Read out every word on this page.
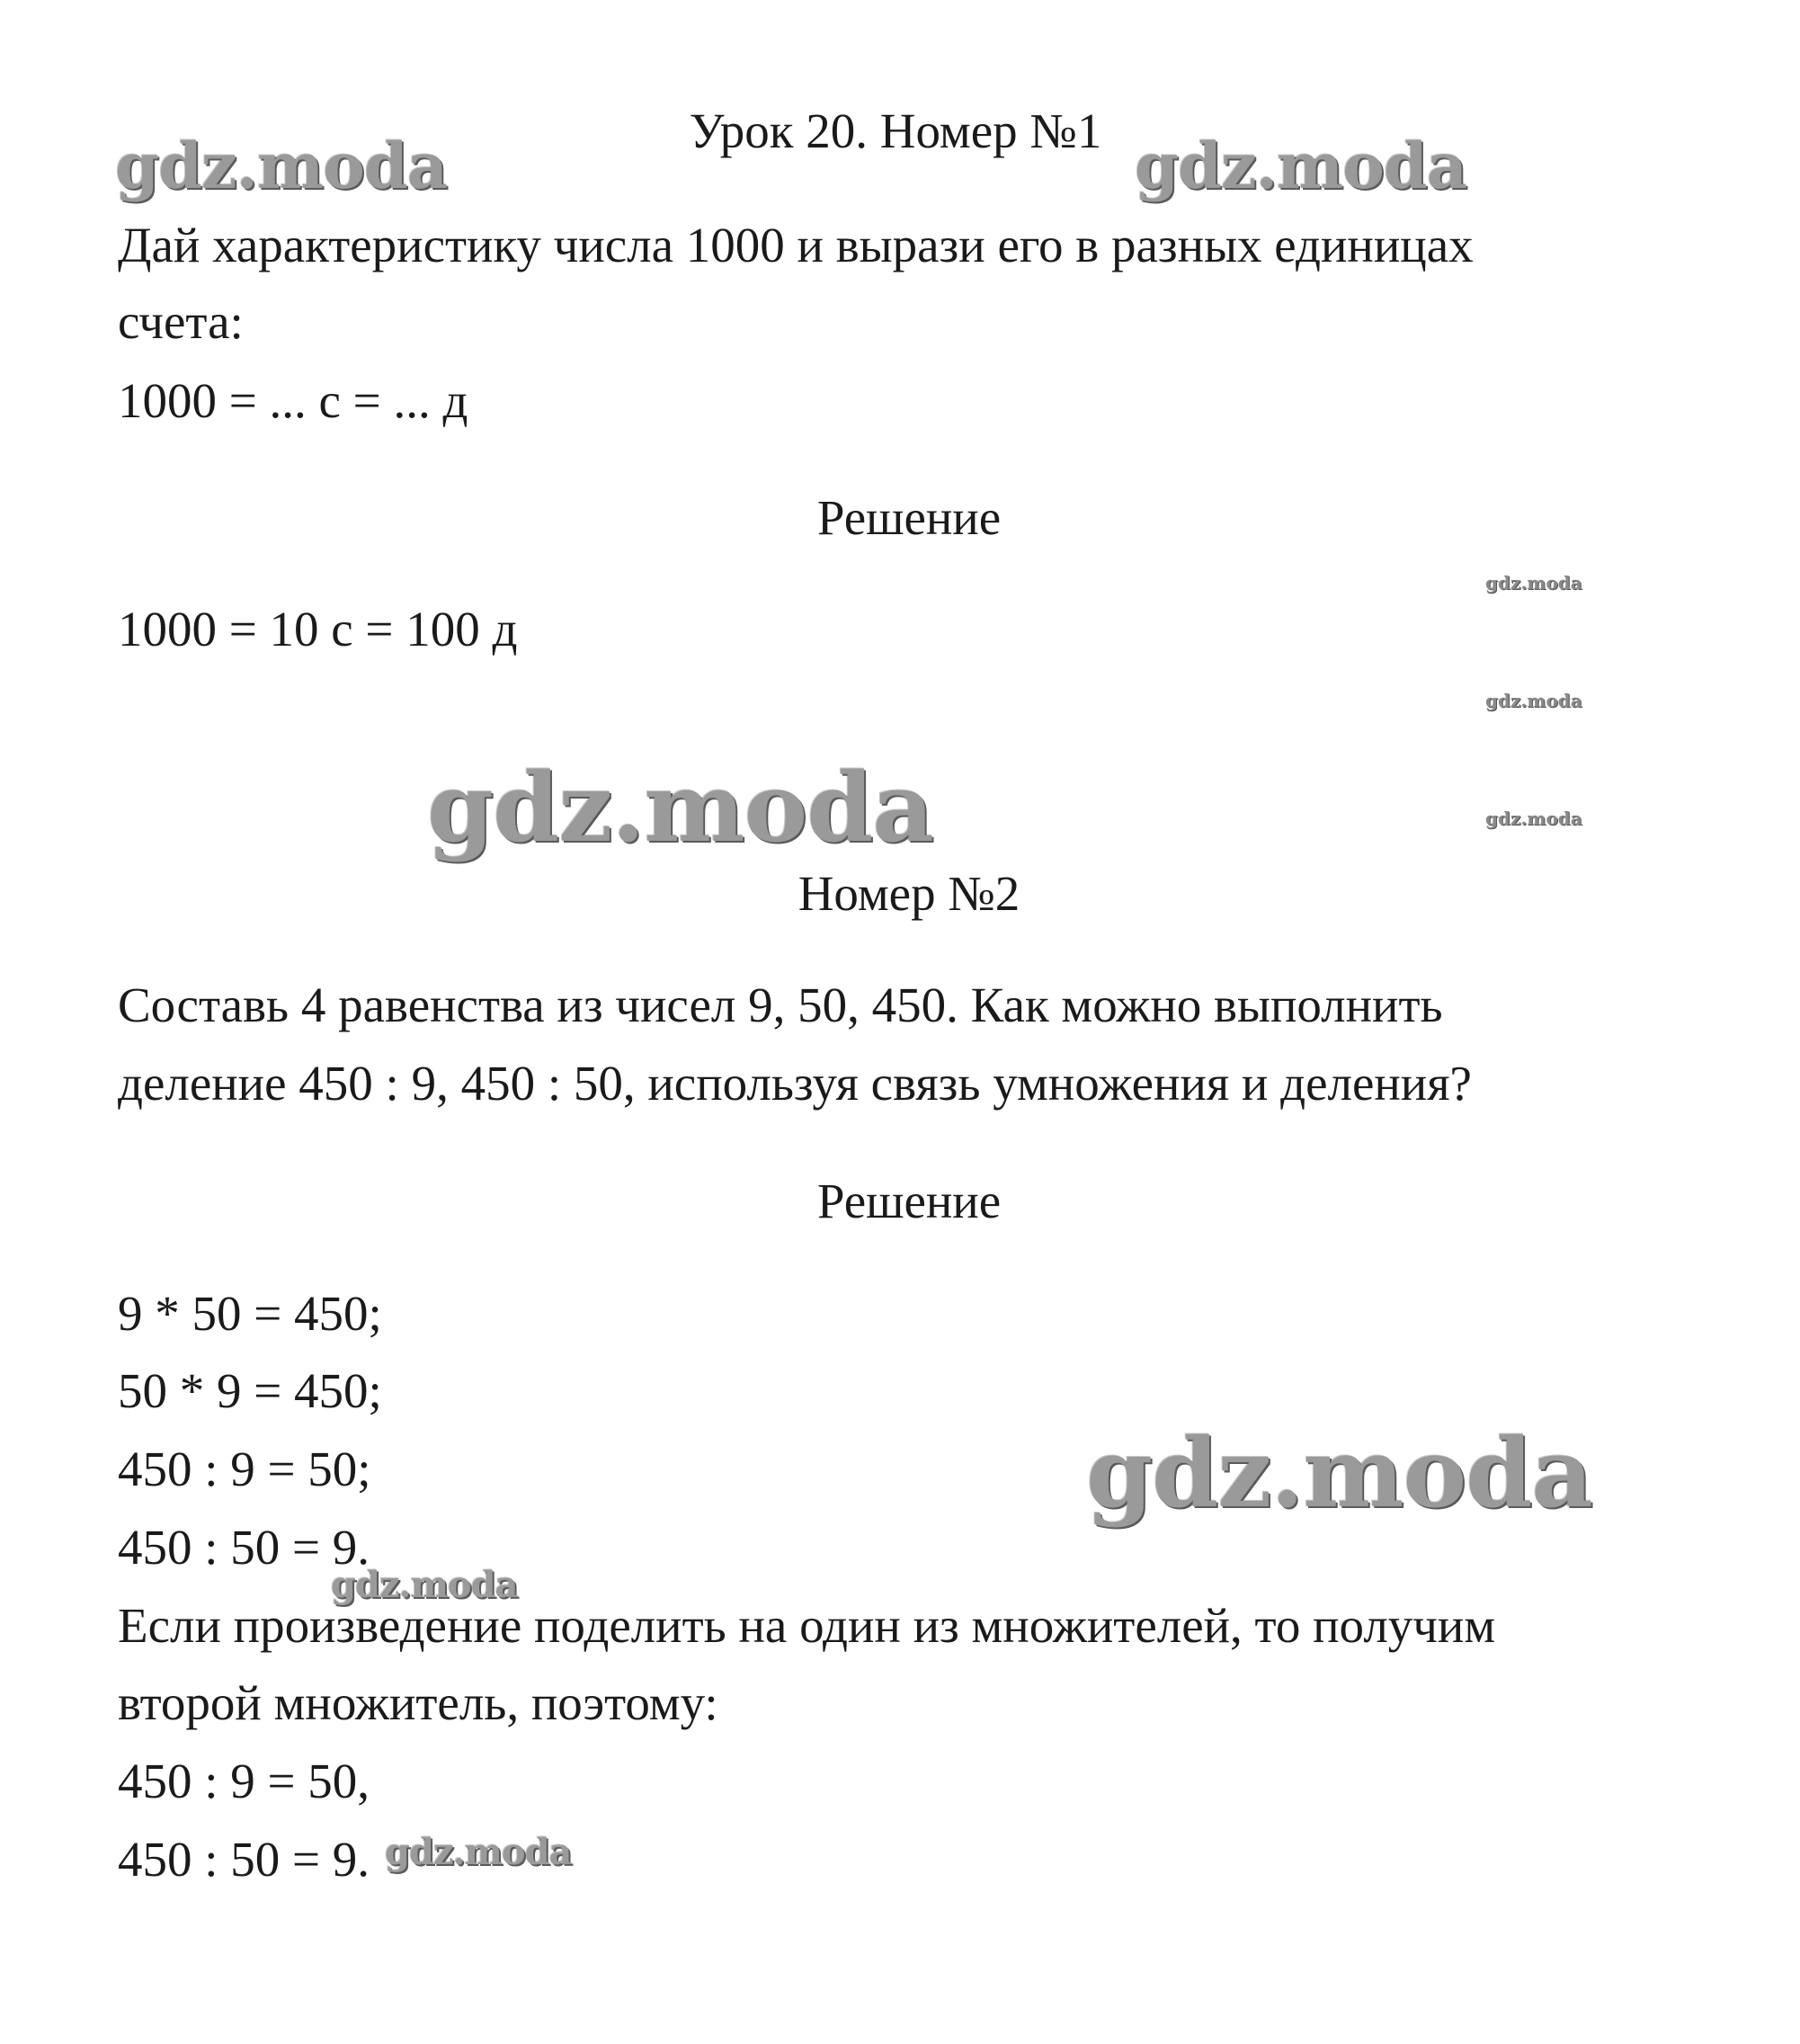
gdz.moda	gdz.moda
gdz.moda
gdz.moda
gdz.moda
gdz.moda
gdz.moda
gdz.moda
gdz.moda
Урок 20. Номер №1

Дай характеристику числа 1000 и вырази его в разных единицах

счета:

1000 = ... с = ... д

Решение

1000 = 10 с = 100 д

Номер №2

Составь 4 равенства из чисел 9, 50, 450. Как можно выполнить

деление 450 : 9, 450 : 50, используя связь умножения и деления?

Решение

9 * 50 = 450;

50 * 9 = 450;

450 : 9 = 50;

450 : 50 = 9.

Если произведение поделить на один из множителей, то получим

второй множитель, поэтому:

450 : 9 = 50,

450 : 50 = 9.
